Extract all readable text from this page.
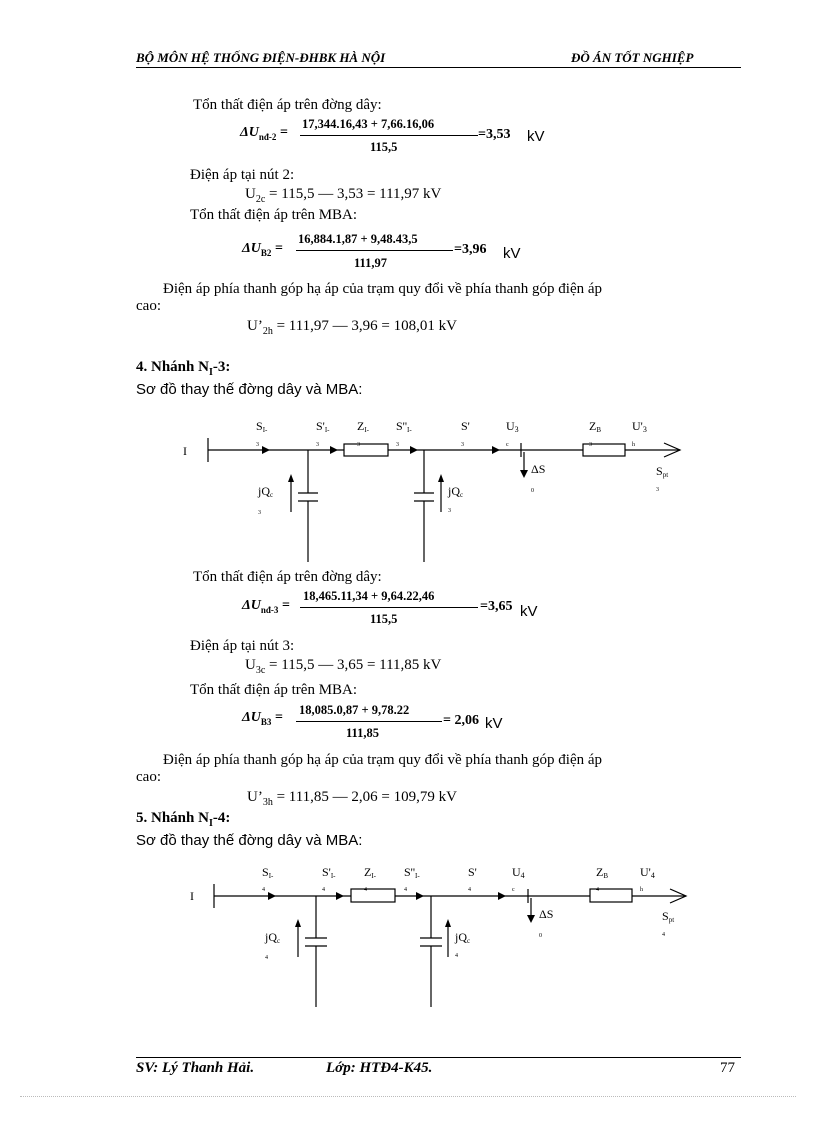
BỘ MÔN HỆ THỐNG ĐIỆN-ĐHBK HÀ NỘI	ĐỒ ÁN TỐT NGHIỆP
Tổn thất điện áp trên đờng dây:
$\Delta U_{nđ-2}$ =
17,344.16,43 + 7,66.16,06
115,5
=3,53 kV
Điện áp tại nút 2:
$U_{2c} = 115,5$ — 3,53 = 111,97 kV
Tổn thất điện áp trên MBA:
$\Delta U_{B2}$ =
16,884.1,87 + 9,48.43,5
111,97
=3,96 kV
Điện áp phía thanh góp hạ áp của trạm quy đổi về phía thanh góp điện áp
cao:
$U’_{2h} = 111,97$ — 3,96 = 108,01 kV
4. Nhánh $N_I-3$:
Sơ đồ thay thế đờng dây và MBA:
I
SI-
3
S'I-
3
ZI-
3
S''I-
3
S'
3
U3
c
ZB
3
U'3
h
ΔS
0
Spt
3
jQc
3
jQc
3
Tổn thất điện áp trên đờng dây:
$\Delta U_{nđ-3}$ =
18,465.11,34 + 9,64.22,46
115,5
=3,65 kV
Điện áp tại nút 3:
$U_{3c} = 115,5$ — 3,65 = 111,85 kV
Tổn thất điện áp trên MBA:
$\Delta U_{B3} = 18,085.0,87 + 9,78.22$
111,85
= 2,06 kV
Điện áp phía thanh góp hạ áp của trạm quy đổi về phía thanh góp điện áp
cao:
$U’_{3h} = 111,85$ — 2,06 = 109,79 kV
5. Nhánh $N_I-4$:
Sơ đồ thay thế đờng dây và MBA:
I
SI-
4
S'I-
4
ZI-
4
S''I-
4
S'
4
U4
c
ZB
4
U'4
h
ΔS
0
Spt
4
jQc
4
jQc
4
SV: Lý Thanh Hải.	Lớp: HTĐ4-K45.	77
